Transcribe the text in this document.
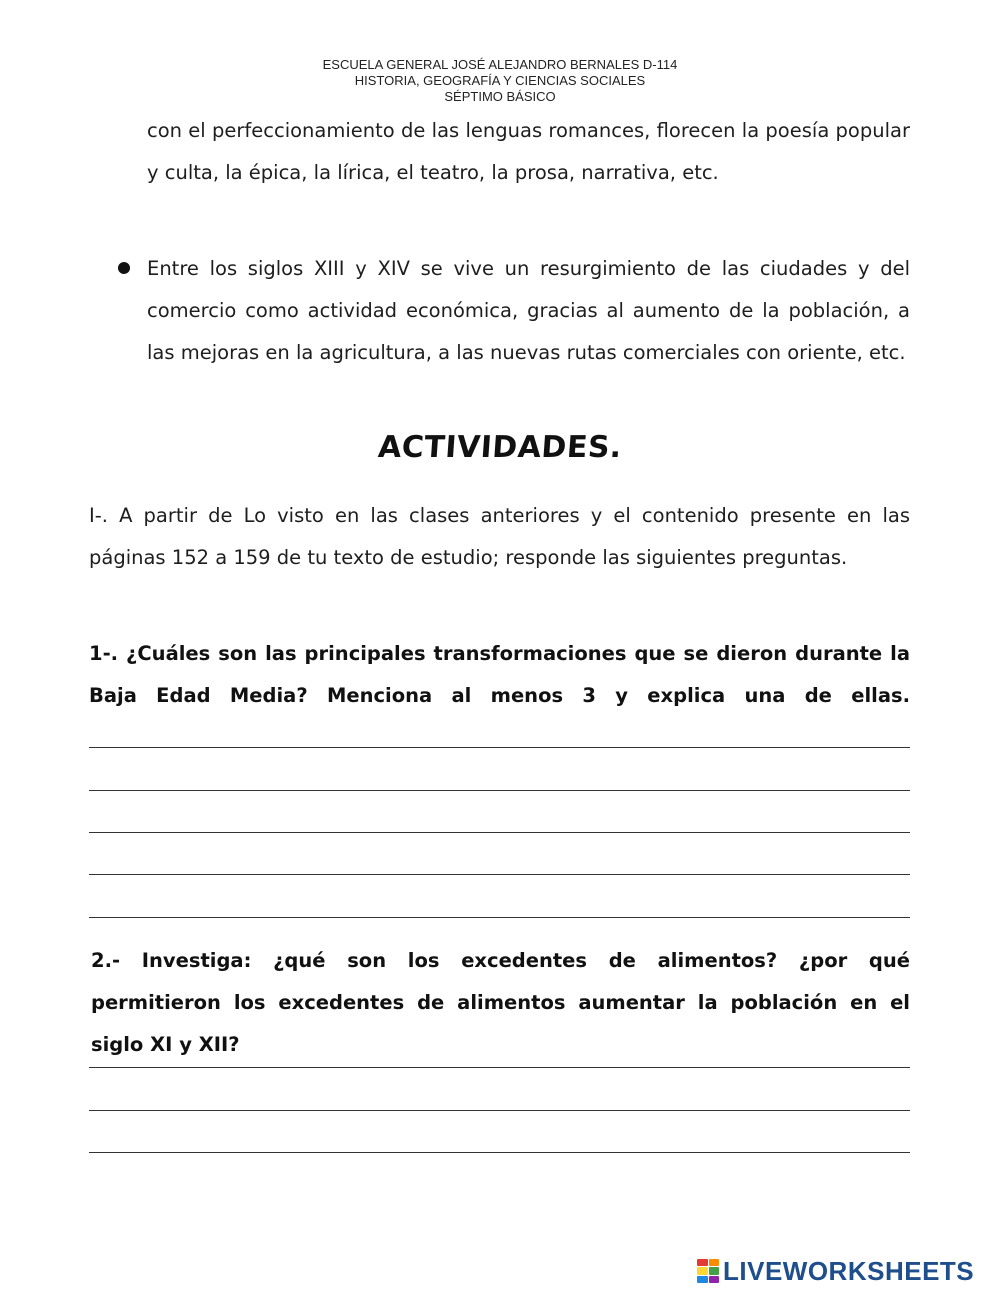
ESCUELA GENERAL JOSÉ ALEJANDRO BERNALES D-114
HISTORIA, GEOGRAFÍA Y CIENCIAS SOCIALES
SÉPTIMO BÁSICO
con el perfeccionamiento de las lenguas romances, florecen la poesía popular y culta, la épica, la lírica, el teatro, la prosa, narrativa, etc.
Entre los siglos XIII y XIV se vive un resurgimiento de las ciudades y del comercio como actividad económica, gracias al aumento de la población, a las mejoras en la agricultura, a las nuevas rutas comerciales con oriente, etc.
ACTIVIDADES.
I-. A partir de Lo visto en las clases anteriores y el contenido presente en las páginas 152 a 159 de tu texto de estudio; responde las siguientes preguntas.
1-. ¿Cuáles son las principales transformaciones que se dieron durante la Baja Edad Media? Menciona al menos 3 y explica una de ellas.
2.- Investiga: ¿qué son los excedentes de alimentos? ¿por qué permitieron los excedentes de alimentos aumentar la población en el siglo XI y XII?
LIVEWORKSHEETS
